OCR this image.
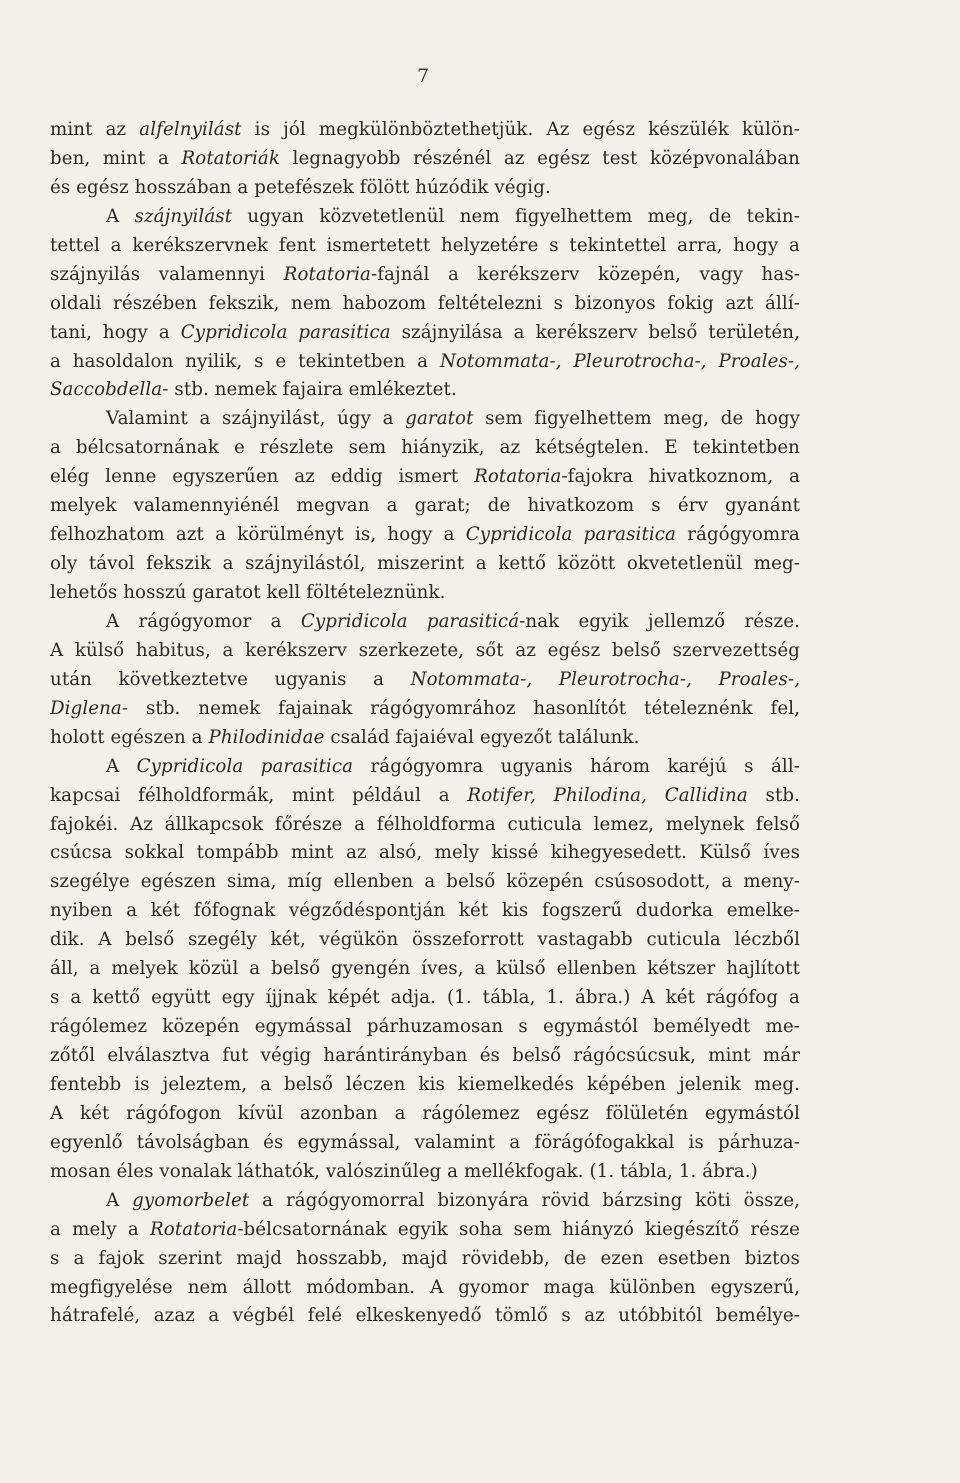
7
mint az alfelnyilást is jól megkülönböztethetjük. Az egész készülék külön-
ben, mint a Rotatoriák legnagyobb részénél az egész test középvonalában
és egész hosszában a petefészek fölött húzódik végig.
A szájnyilást ugyan közvetetlenül nem figyelhettem meg, de tekin-
tettel a kerékszervnek fent ismertetett helyzetére s tekintettel arra, hogy a
szájnyilás valamennyi Rotatoria-fajnál a kerékszerv közepén, vagy has-
oldali részében fekszik, nem habozom feltételezni s bizonyos fokig azt állí-
tani, hogy a Cypridicola parasitica szájnyilása a kerékszerv belső területén,
a hasoldalon nyilik, s e tekintetben a Notommata-, Pleurotrocha-, Proales-,
Saccobdella- stb. nemek fajaira emlékeztet.
Valamint a szájnyilást, úgy a garatot sem figyelhettem meg, de hogy
a bélcsatornának e részlete sem hiányzik, az kétségtelen. E tekintetben
elég lenne egyszerűen az eddig ismert Rotatoria-fajokra hivatkoznom, a
melyek valamennyiénél megvan a garat; de hivatkozom s érv gyanánt
felhozhatom azt a körülményt is, hogy a Cypridicola parasitica rágógyomra
oly távol fekszik a szájnyilástól, miszerint a kettő között okvetetlenül meg-
lehetős hosszú garatot kell föltételeznünk.
A rágógyomor a Cypridicola parasiticá-nak egyik jellemző része.
A külső habitus, a kerékszerv szerkezete, sőt az egész belső szervezettség
után következtetve ugyanis a Notommata-, Pleurotrocha-, Proales-,
Diglena- stb. nemek fajainak rágógyomrához hasonlítót tételeznénk fel,
holott egészen a Philodinidae család fajaiéval egyezőt találunk.
A Cypridicola parasitica rágógyomra ugyanis három karéjú s áll-
kapcsai félholdformák, mint például a Rotifer, Philodina, Callidina stb.
fajokéi. Az állkapcsok főrésze a félholdforma cuticula lemez, melynek felső
csúcsa sokkal tompább mint az alsó, mely kissé kihegyesedett. Külső íves
szegélye egészen sima, míg ellenben a belső közepén csúsosodott, a meny-
nyiben a két főfognak végződéspontján két kis fogszerű dudorka emelke-
dik. A belső szegély két, végükön összeforrott vastagabb cuticula léczből
áll, a melyek közül a belső gyengén íves, a külső ellenben kétszer hajlított
s a kettő együtt egy íjjnak képét adja. (1. tábla, 1. ábra.) A két rágófog a
rágólemez közepén egymással párhuzamosan s egymástól bemélyedt me-
zőtől elválasztva fut végig harántirányban és belső rágócsúcsuk, mint már
fentebb is jeleztem, a belső léczen kis kiemelkedés képében jelenik meg.
A két rágófogon kívül azonban a rágólemez egész fölületén egymástól
egyenlő távolságban és egymással, valamint a förágófogakkal is párhuza-
mosan éles vonalak láthatók, valószinűleg a mellékfogak. (1. tábla, 1. ábra.)
A gyomorbelet a rágógyomorral bizonyára rövid bárzsing köti össze,
a mely a Rotatoria-bélcsatornának egyik soha sem hiányzó kiegészítő része
s a fajok szerint majd hosszabb, majd rövidebb, de ezen esetben biztos
megfigyelése nem állott módomban. A gyomor maga különben egyszerű,
hátrafelé, azaz a végbél felé elkeskenyedő tömlő s az utóbbitól bemélye-
